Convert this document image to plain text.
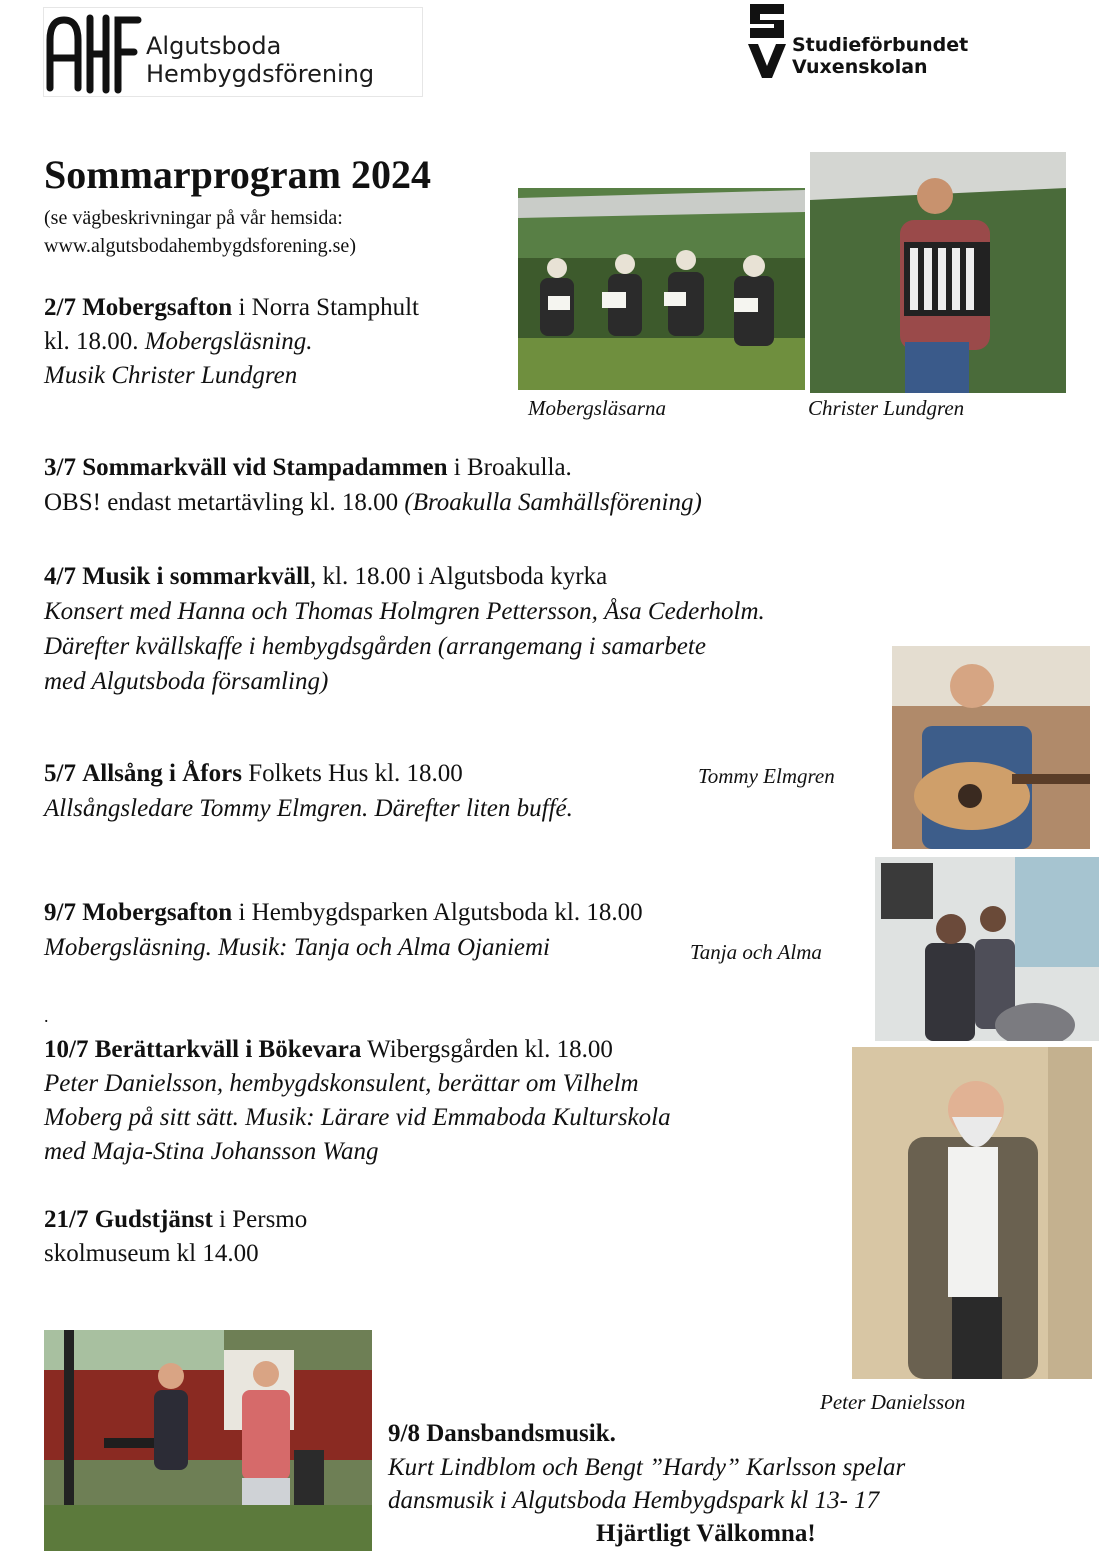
Algutsboda
Hembygdsförening
Studieförbundet
Vuxenskolan
Sommarprogram 2024
(se vägbeskrivningar på vår hemsida:
www.algutsbodahembygdsforening.se)
Mobergsläsarna	Christer Lundgren
Tommy Elmgren
Tanja och Alma
Peter Danielsson
2/7 Mobergsafton i Norra Stamphult
kl. 18.00. Mobergsläsning.
Musik Christer Lundgren
3/7 Sommarkväll vid Stampadammen i Broakulla.
OBS! endast metartävling kl. 18.00 (Broakulla Samhällsförening)
4/7 Musik i sommarkväll, kl. 18.00 i Algutsboda kyrka
Konsert med Hanna och Thomas Holmgren Pettersson, Åsa Cederholm.
Därefter kvällskaffe i hembygdsgården (arrangemang i samarbete
med Algutsboda församling)
5/7 Allsång i Åfors Folkets Hus kl. 18.00
Allsångsledare Tommy Elmgren. Därefter liten buffé.
9/7 Mobergsafton i Hembygdsparken Algutsboda kl. 18.00
Mobergsläsning. Musik: Tanja och Alma Ojaniemi
.
10/7 Berättarkväll i Bökevara Wibergsgården kl. 18.00
Peter Danielsson, hembygdskonsulent, berättar om Vilhelm
Moberg på sitt sätt. Musik: Lärare vid Emmaboda Kulturskola
med Maja-Stina Johansson Wang
21/7 Gudstjänst i Persmo
skolmuseum kl 14.00
9/8 Dansbandsmusik.
Kurt Lindblom och Bengt ”Hardy” Karlsson spelar
dansmusik i Algutsboda Hembygdspark kl 13- 17
Hjärtligt Välkomna!
